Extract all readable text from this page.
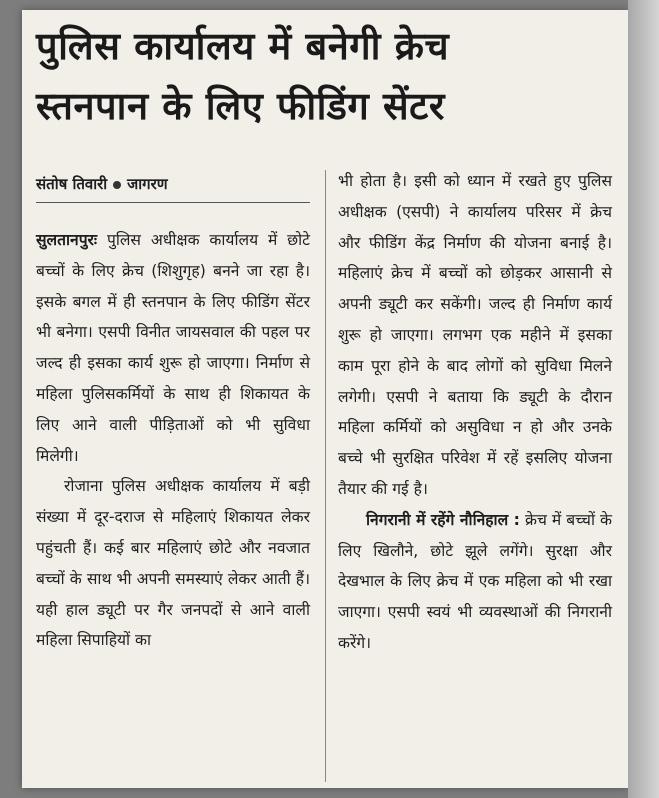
पुलिस कार्यालय में बनेगी क्रेच
स्तनपान के लिए फीडिंग सेंटर
संतोष तिवारी जागरण

सुलतानपुरः पुलिस अधीक्षक कार्यालय में छोटे बच्चों के लिए क्रेच (शिशुगृह) बनने जा रहा है। इसके बगल में ही स्तनपान के लिए फीडिंग सेंटर भी बनेगा। एसपी विनीत जायसवाल की पहल पर जल्द ही इसका कार्य शुरू हो जाएगा। निर्माण से महिला पुलिसकर्मियों के साथ ही शिकायत के लिए आने वाली पीड़िताओं को भी सुविधा मिलेगी।

रोजाना पुलिस अधीक्षक कार्यालय में बड़ी संख्या में दूर-दराज से महिलाएं शिकायत लेकर पहुंचती हैं। कई बार महिलाएं छोटे और नवजात बच्चों के साथ भी अपनी समस्याएं लेकर आती हैं। यही हाल ड्यूटी पर गैर जनपदों से आने वाली महिला सिपाहियों का

भी होता है। इसी को ध्यान में रखते हुए पुलिस अधीक्षक (एसपी) ने कार्यालय परिसर में क्रेच और फीडिंग केंद्र निर्माण की योजना बनाई है। महिलाएं क्रेच में बच्चों को छोड़कर आसानी से अपनी ड्यूटी कर सकेंगी। जल्द ही निर्माण कार्य शुरू हो जाएगा। लगभग एक महीने में इसका काम पूरा होने के बाद लोगों को सुविधा मिलने लगेगी। एसपी ने बताया कि ड्यूटी के दौरान महिला कर्मियों को असुविधा न हो और उनके बच्चे भी सुरक्षित परिवेश में रहें इसलिए योजना तैयार की गई है।

निगरानी में रहेंगे नौनिहाल : क्रेच में बच्चों के लिए खिलौने, छोटे झूले लगेंगे। सुरक्षा और देखभाल के लिए क्रेच में एक महिला को भी रखा जाएगा। एसपी स्वयं भी व्यवस्थाओं की निगरानी करेंगे।
